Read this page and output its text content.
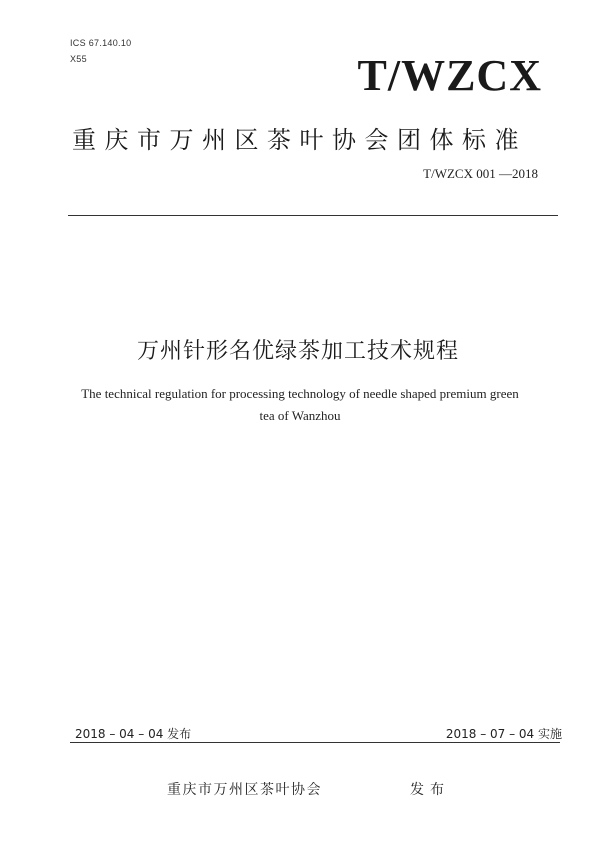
ICS 67.140.10
X55	T/WZCX
重庆市万州区茶叶协会团体标准
T/WZCX 001 —2018
万州针形名优绿茶加工技术规程
The technical regulation for processing technology of needle shaped premium green
tea of Wanzhou
2018 – 04 – 04 发布	2018 – 07 – 04 实施
重庆市万州区茶叶协会	发布
